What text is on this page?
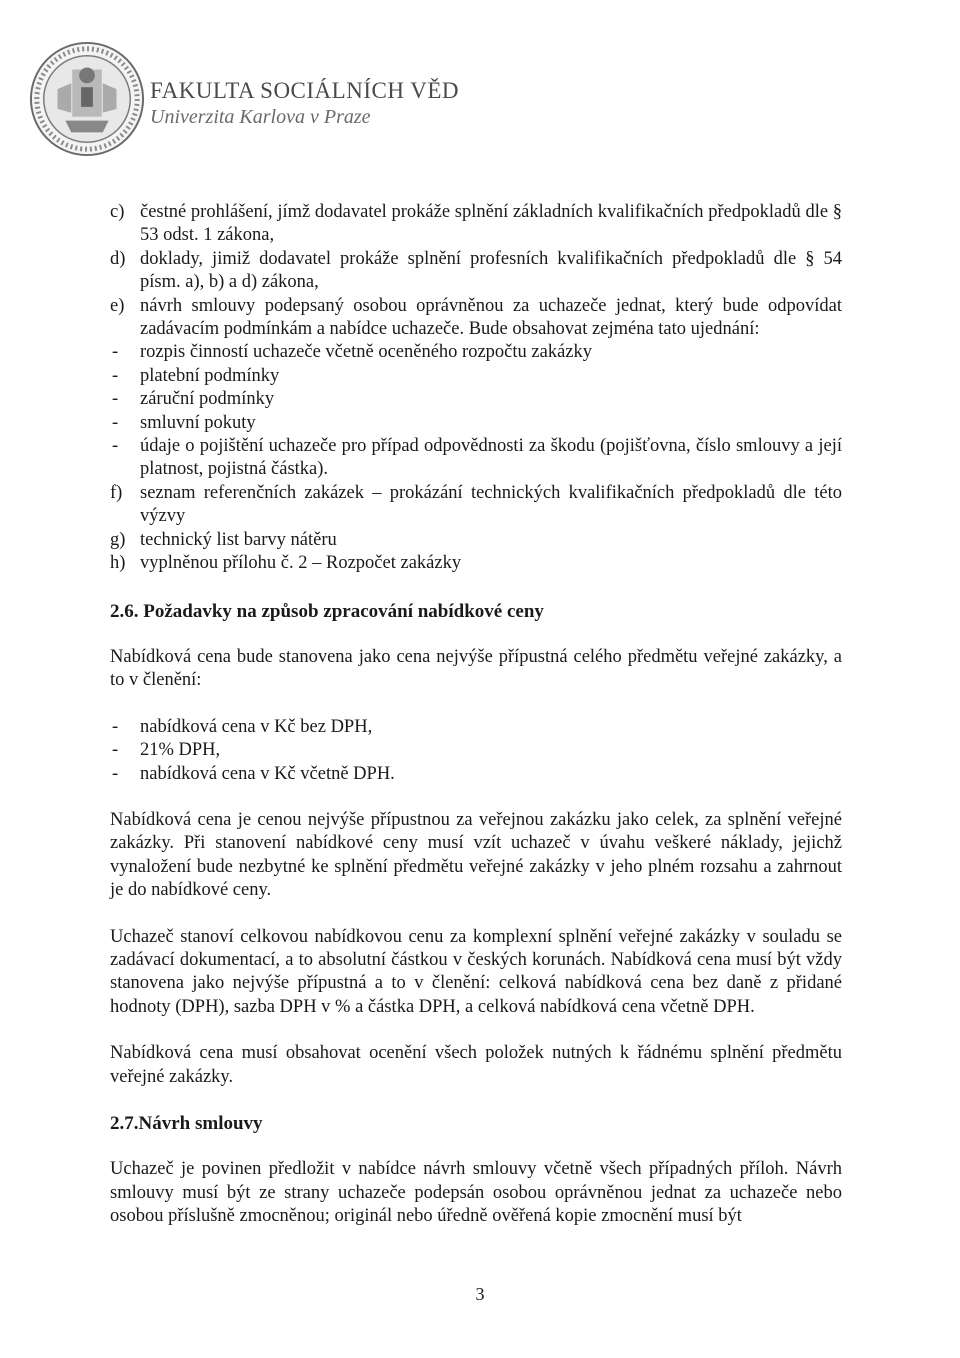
FAKULTA SOCIÁLNÍCH VĚD
Univerzita Karlova v Praze
c) čestné prohlášení, jímž dodavatel prokáže splnění základních kvalifikačních předpokladů dle § 53 odst. 1 zákona,
d) doklady, jimiž dodavatel prokáže splnění profesních kvalifikačních předpokladů dle § 54 písm. a), b) a d) zákona,
e) návrh smlouvy podepsaný osobou oprávněnou za uchazeče jednat, který bude odpovídat zadávacím podmínkám a nabídce uchazeče. Bude obsahovat zejména tato ujednání:
- rozpis činností uchazeče včetně oceněného rozpočtu zakázky
- platební podmínky
- záruční podmínky
- smluvní pokuty
- údaje o pojištění uchazeče pro případ odpovědnosti za škodu (pojišťovna, číslo smlouvy a její platnost, pojistná částka).
f) seznam referenčních zakázek – prokázání technických kvalifikačních předpokladů dle této výzvy
g) technický list barvy nátěru
h) vyplněnou přílohu č. 2 – Rozpočet zakázky

2.6. Požadavky na způsob zpracování nabídkové ceny

Nabídková cena bude stanovena jako cena nejvýše přípustná celého předmětu veřejné zakázky, a to v členění:

- nabídková cena v Kč bez DPH,
- 21% DPH,
- nabídková cena v Kč včetně DPH.

Nabídková cena je cenou nejvýše přípustnou za veřejnou zakázku jako celek, za splnění veřejné zakázky. Při stanovení nabídkové ceny musí vzít uchazeč v úvahu veškeré náklady, jejichž vynaložení bude nezbytné ke splnění předmětu veřejné zakázky v jeho plném rozsahu a zahrnout je do nabídkové ceny.

Uchazeč stanoví celkovou nabídkovou cenu za komplexní splnění veřejné zakázky v souladu se zadávací dokumentací, a to absolutní částkou v českých korunách. Nabídková cena musí být vždy stanovena jako nejvýše přípustná a to v členění: celková nabídková cena bez daně z přidané hodnoty (DPH), sazba DPH v % a částka DPH, a celková nabídková cena včetně DPH.

Nabídková cena musí obsahovat ocenění všech položek nutných k řádnému splnění předmětu veřejné zakázky.

2.7.Návrh smlouvy

Uchazeč je povinen předložit v nabídce návrh smlouvy včetně všech případných příloh. Návrh smlouvy musí být ze strany uchazeče podepsán osobou oprávněnou jednat za uchazeče nebo osobou příslušně zmocněnou; originál nebo úředně ověřená kopie zmocnění musí být

3
